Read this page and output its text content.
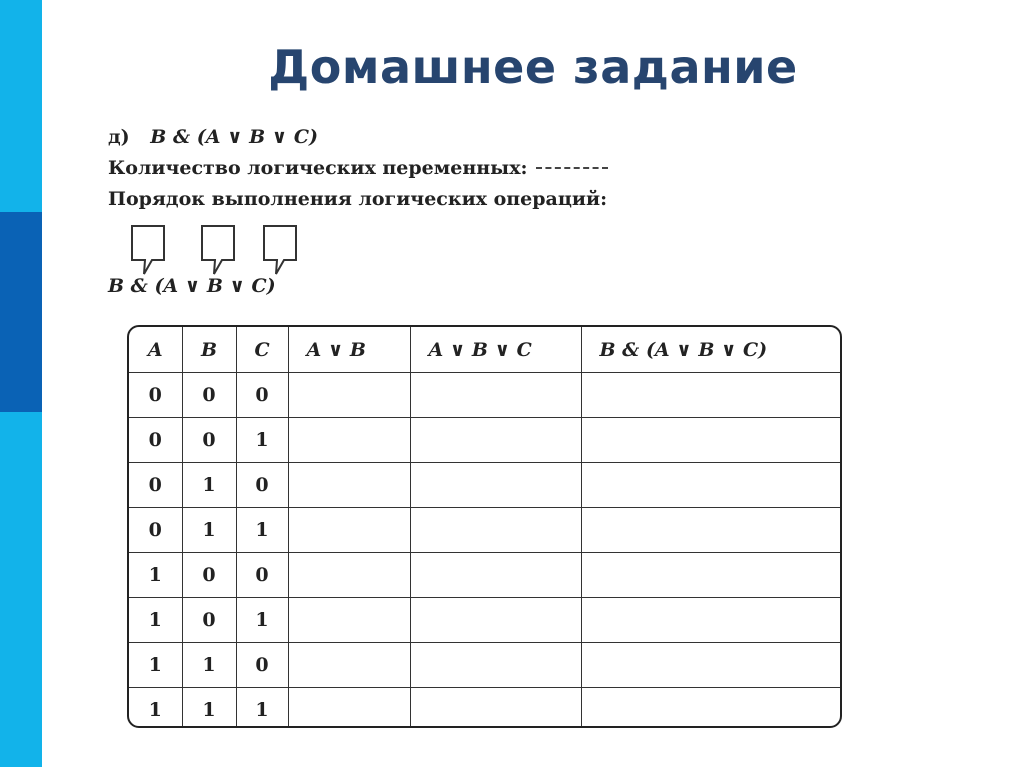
Домашнее задание
д) B & (A ∨ B ∨ C)
Количество логических переменных:
Порядок выполнения логических операций:
B & (A ∨ B ∨ C)
A	B	C	A ∨ B	A ∨ B ∨ C	B & (A ∨ B ∨ C)
0	0	0			
0	0	1			
0	1	0			
0	1	1			
1	0	0			
1	0	1			
1	1	0			
1	1	1			
